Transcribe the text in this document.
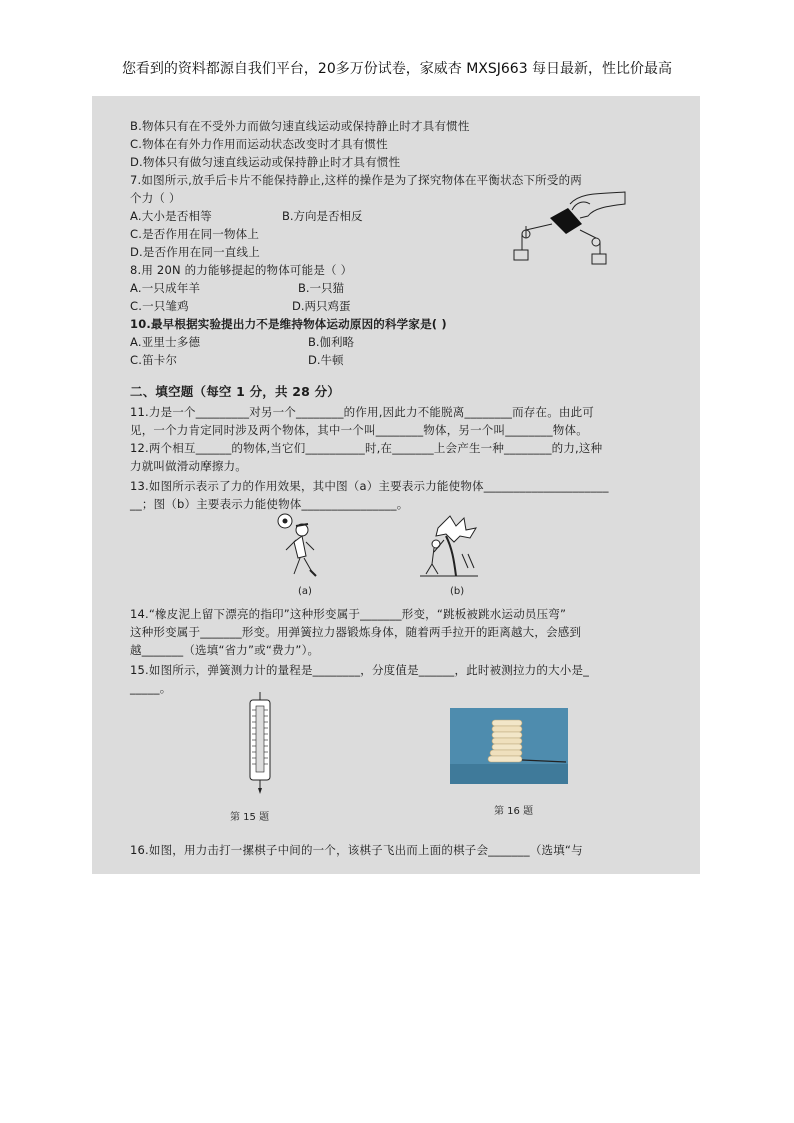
您看到的资料都源自我们平台，20多万份试卷，家威杏 MXSJ663 每日最新，性比价最高
B.物体只有在不受外力而做匀速直线运动或保持静止时才具有惯性
C.物体在有外力作用而运动状态改变时才具有惯性
D.物体只有做匀速直线运动或保持静止时才具有惯性
7.如图所示,放手后卡片不能保持静止,这样的操作是为了探究物体在平衡状态下所受的两
个力（ ）
A.大小是否相等	B.方向是否相反
C.是否作用在同一物体上
D.是否作用在同一直线上
8.用 20N 的力能够提起的物体可能是（ ）
A.一只成年羊	B.一只猫
C.一只雏鸡	D.两只鸡蛋
10.最早根据实验提出力不是维持物体运动原因的科学家是( )
A.亚里士多德	B.伽利略
C.笛卡尔	D.牛顿
二、填空题（每空 1 分，共 28 分）
11.力是一个_________对另一个________的作用,因此力不能脱离________而存在。由此可
见，一个力肯定同时涉及两个物体，其中一个叫________物体，另一个叫________物体。
12.两个相互______的物体,当它们__________时,在_______上会产生一种________的力,这种
力就叫做滑动摩擦力。
13.如图所示表示了力的作用效果，其中图（a）主要表示力能使物体_____________________
__；图（b）主要表示力能使物体________________。
(a)	(b)
14.“橡皮泥上留下漂亮的指印”这种形变属于_______形变，“跳板被跳水运动员压弯”
这种形变属于_______形变。用弹簧拉力器锻炼身体，随着两手拉开的距离越大，会感到
越_______（选填“省力”或“费力”）。
15.如图所示，弹簧测力计的量程是________，分度值是______，此时被测拉力的大小是_
_____。
第 15 题
第 16 题
16.如图，用力击打一摞棋子中间的一个，该棋子飞出而上面的棋子会_______（选填“与
